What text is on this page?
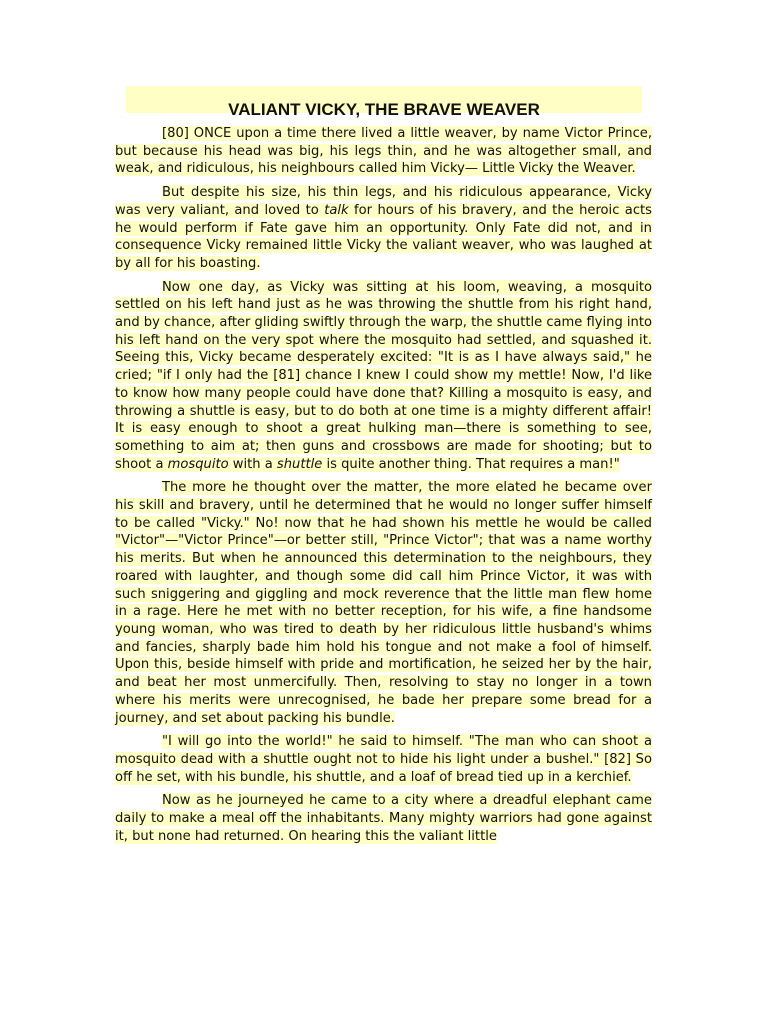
VALIANT VICKY, THE BRAVE WEAVER

[80] ONCE upon a time there lived a little weaver, by name Victor Prince, but because his head was big, his legs thin, and he was altogether small, and weak, and ridiculous, his neighbours called him Vicky— Little Vicky the Weaver.

But despite his size, his thin legs, and his ridiculous appearance, Vicky was very valiant, and loved to talk for hours of his bravery, and the heroic acts he would perform if Fate gave him an opportunity. Only Fate did not, and in consequence Vicky remained little Vicky the valiant weaver, who was laughed at by all for his boasting.

Now one day, as Vicky was sitting at his loom, weaving, a mosquito settled on his left hand just as he was throwing the shuttle from his right hand, and by chance, after gliding swiftly through the warp, the shuttle came flying into his left hand on the very spot where the mosquito had settled, and squashed it. Seeing this, Vicky became desperately excited: "It is as I have always said," he cried; "if I only had the [81] chance I knew I could show my mettle! Now, I'd like to know how many people could have done that? Killing a mosquito is easy, and throwing a shuttle is easy, but to do both at one time is a mighty different affair! It is easy enough to shoot a great hulking man—there is something to see, something to aim at; then guns and crossbows are made for shooting; but to shoot a mosquito with a shuttle is quite another thing. That requires a man!"

The more he thought over the matter, the more elated he became over his skill and bravery, until he determined that he would no longer suffer himself to be called "Vicky." No! now that he had shown his mettle he would be called "Victor"—"Victor Prince"—or better still, "Prince Victor"; that was a name worthy his merits. But when he announced this determination to the neighbours, they roared with laughter, and though some did call him Prince Victor, it was with such sniggering and giggling and mock reverence that the little man flew home in a rage. Here he met with no better reception, for his wife, a fine handsome young woman, who was tired to death by her ridiculous little husband's whims and fancies, sharply bade him hold his tongue and not make a fool of himself. Upon this, beside himself with pride and mortification, he seized her by the hair, and beat her most unmercifully. Then, resolving to stay no longer in a town where his merits were unrecognised, he bade her prepare some bread for a journey, and set about packing his bundle.

"I will go into the world!" he said to himself. "The man who can shoot a mosquito dead with a shuttle ought not to hide his light under a bushel." [82] So off he set, with his bundle, his shuttle, and a loaf of bread tied up in a kerchief.

Now as he journeyed he came to a city where a dreadful elephant came daily to make a meal off the inhabitants. Many mighty warriors had gone against it, but none had returned. On hearing this the valiant little
